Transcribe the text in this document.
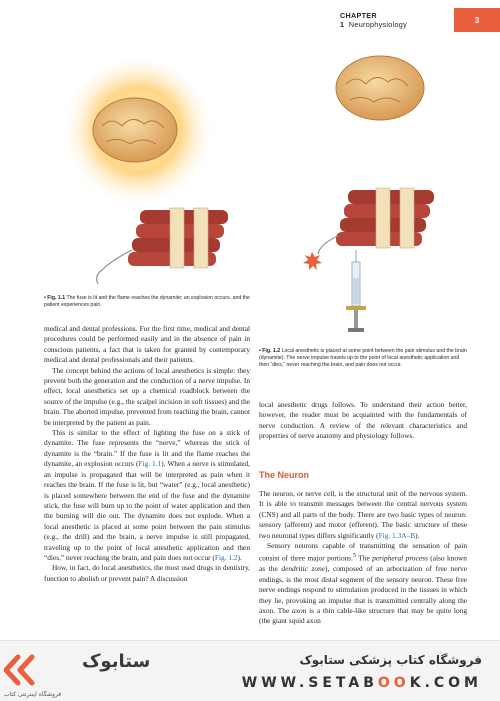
CHAPTER 1 Neurophysiology	3
• Fig. 1.1 The fuse is lit and the flame reaches the dynamite; an explosion occurs, and the patient experiences pain.
• Fig. 1.2 Local anesthetic is placed at some point between the pain stimulus and the brain (dynamite). The nerve impulse travels up to the point of local anesthetic application and then “dies,” never reaching the brain, and pain does not occur.

medical and dental professions. For the first time, medical and dental procedures could be performed easily and in the absence of pain in conscious patients, a fact that is taken for granted by contemporary medical and dental professionals and their patients.

The concept behind the actions of local anesthetics is simple: they prevent both the generation and the conduction of a nerve impulse. In effect, local anesthetics set up a chemical roadblock between the source of the impulse (e.g., the scalpel incision in soft tissues) and the brain. The aborted impulse, prevented from reaching the brain, cannot be interpreted by the patient as pain.

This is similar to the effect of lighting the fuse on a stick of dynamite. The fuse represents the “nerve,” whereas the stick of dynamite is the “brain.” If the fuse is lit and the flame reaches the dynamite, an explosion occurs (Fig. 1.1). When a nerve is stimulated, an impulse is propagated that will be interpreted as pain when it reaches the brain. If the fuse is lit, but “water” (e.g., local anesthetic) is placed somewhere between the end of the fuse and the dynamite stick, the fuse will burn up to the point of water application and then the burning will die out. The dynamite does not explode. When a local anesthetic is placed at some point between the pain stimulus (e.g., the drill) and the brain, a nerve impulse is still propagated, traveling up to the point of local anesthetic application and then “dies,” never reaching the brain, and pain does not occur (Fig. 1.2).

How, in fact, do local anesthetics, the most used drugs in dentistry, function to abolish or prevent pain? A discussion

local anesthetic drugs follows. To understand their action better, however, the reader must be acquainted with the fundamentals of nerve conduction. A review of the relevant characteristics and properties of nerve anatomy and physiology follows.

The Neuron

The neuron, or nerve cell, is the structural unit of the nervous system. It is able to transmit messages between the central nervous system (CNS) and all parts of the body. There are two basic types of neuron: sensory (afferent) and motor (efferent). The basic structure of these two neuronal types differs significantly (Fig. 1.3A–B).

Sensory neurons capable of transmitting the sensation of pain consist of three major portions.$^5$ The peripheral process (also known as the dendritic zone), composed of an arborization of free nerve endings, is the most distal segment of the sensory neuron. These free nerve endings respond to stimulation produced in the tissues in which they lie, provoking an impulse that is transmitted centrally along the axon. The axon is a thin cable-like structure that may be quite long (the giant squid axon

ستابوک
فروشگاه اینترنتی کتاب
فروشگاه کتاب پزشکی ستابوک
WWW.SETABOOK.COM
